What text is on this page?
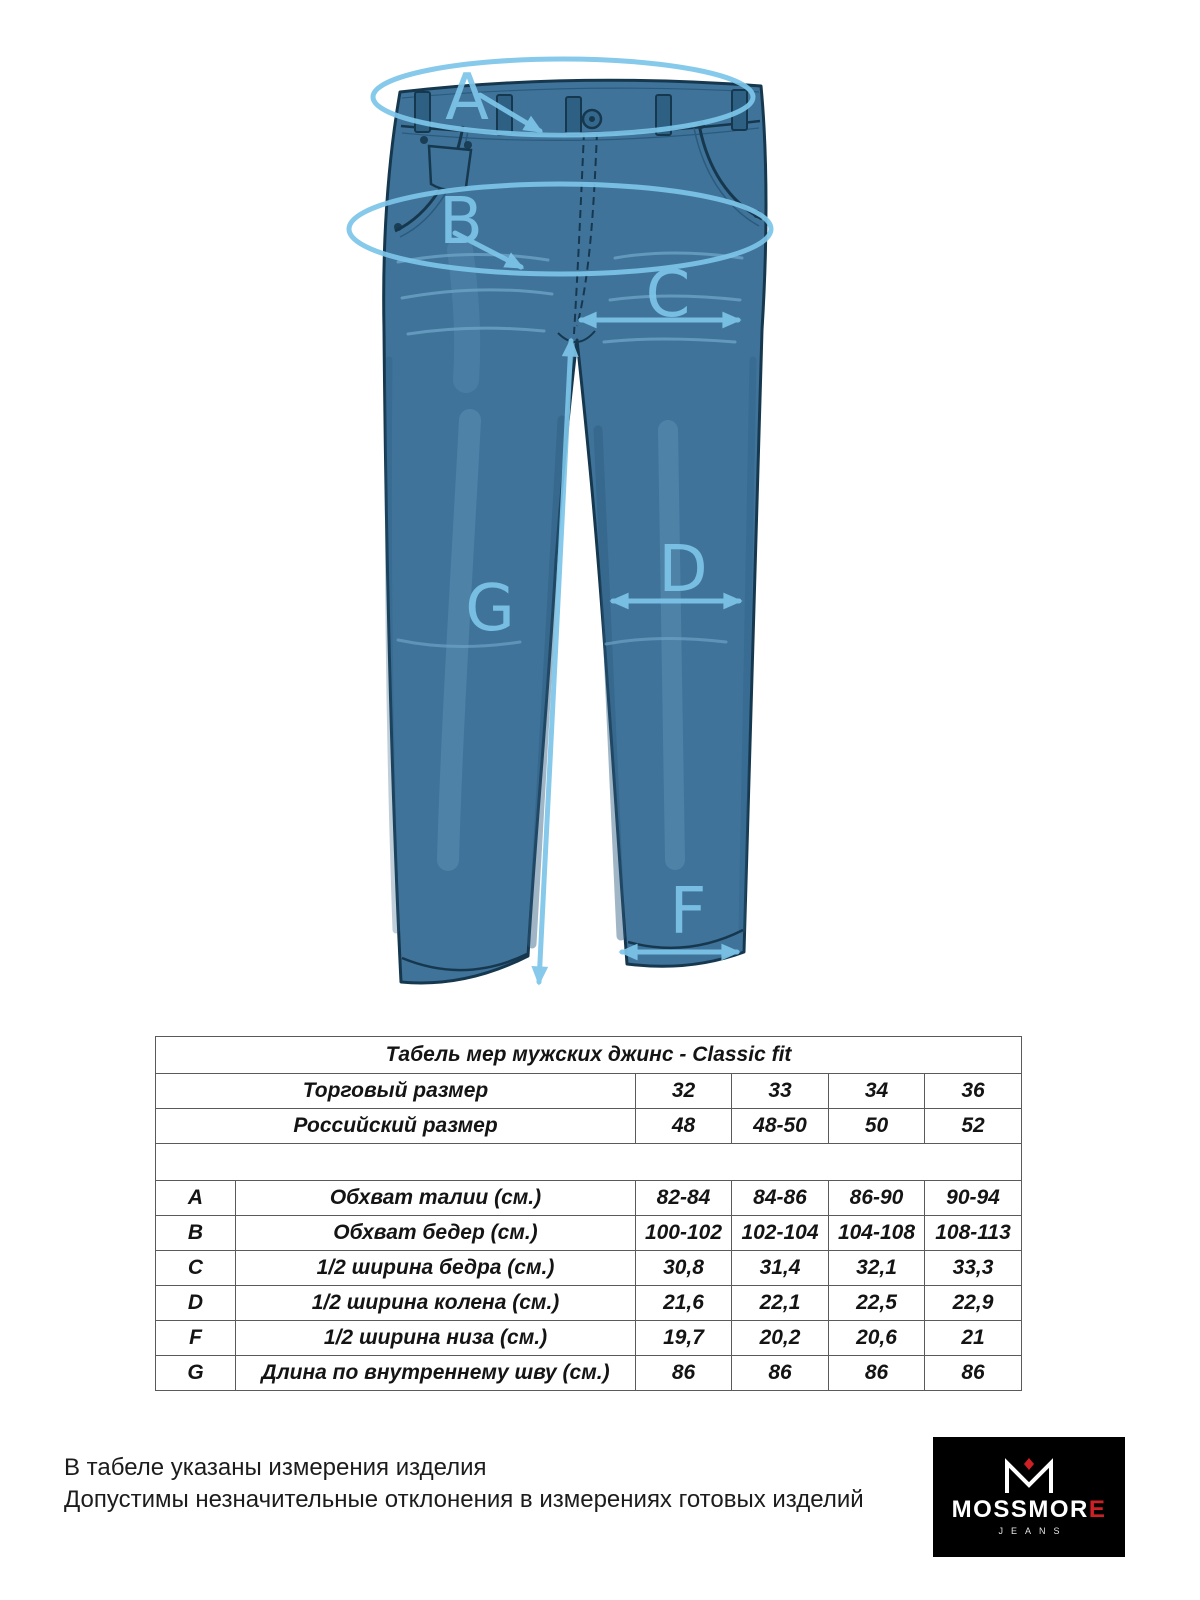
A
B
C
D
F
G
Табель мер мужских джинс - Classic fit					
Торговый размер		32	33	34	36
Российский размер		48	48-50	50	52

A	Обхват талии (см.)	82-84	84-86	86-90	90-94
B	Обхват бедер (см.)	100-102	102-104	104-108	108-113
C	1/2 ширина бедра (см.)	30,8	31,4	32,1	33,3
D	1/2 ширина колена (см.)	21,6	22,1	22,5	22,9
F	1/2 ширина низа (см.)	19,7	20,2	20,6	21
G	Длина по внутреннему шву (см.)	86	86	86	86
В табеле указаны измерения изделия
Допустимы незначительные отклонения в измерениях готовых изделий	MOSSMORE
JEANS
